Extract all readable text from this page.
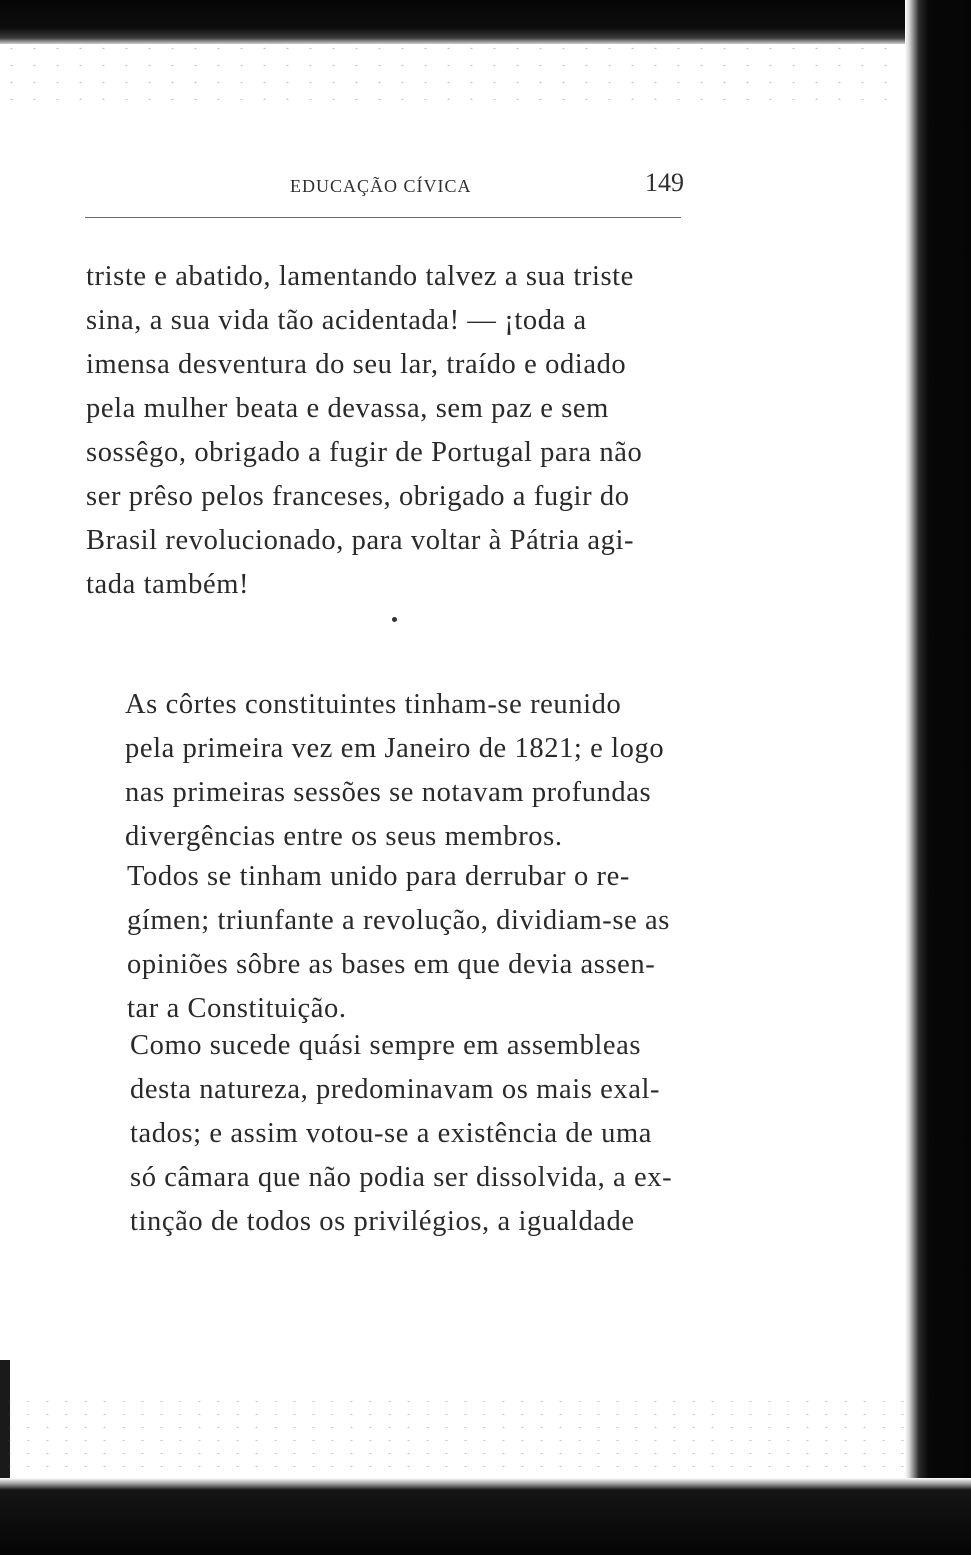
EDUCAÇÃO CÍVICA	149

triste e abatido, lamentando talvez a sua triste
sina, a sua vida tão acidentada! — ¡toda a
imensa desventura do seu lar, traído e odiado
pela mulher beata e devassa, sem paz e sem
sossêgo, obrigado a fugir de Portugal para não
ser prêso pelos franceses, obrigado a fugir do
Brasil revolucionado, para voltar à Pátria agi-
tada também!

As côrtes constituintes tinham-se reunido
pela primeira vez em Janeiro de 1821; e logo
nas primeiras sessões se notavam profundas
divergências entre os seus membros.

Todos se tinham unido para derrubar o re-
gímen; triunfante a revolução, dividiam-se as
opiniões sôbre as bases em que devia assen-
tar a Constituição.

Como sucede quási sempre em assembleas
desta natureza, predominavam os mais exal-
tados; e assim votou-se a existência de uma
só câmara que não podia ser dissolvida, a ex-
tinção de todos os privilégios, a igualdade
